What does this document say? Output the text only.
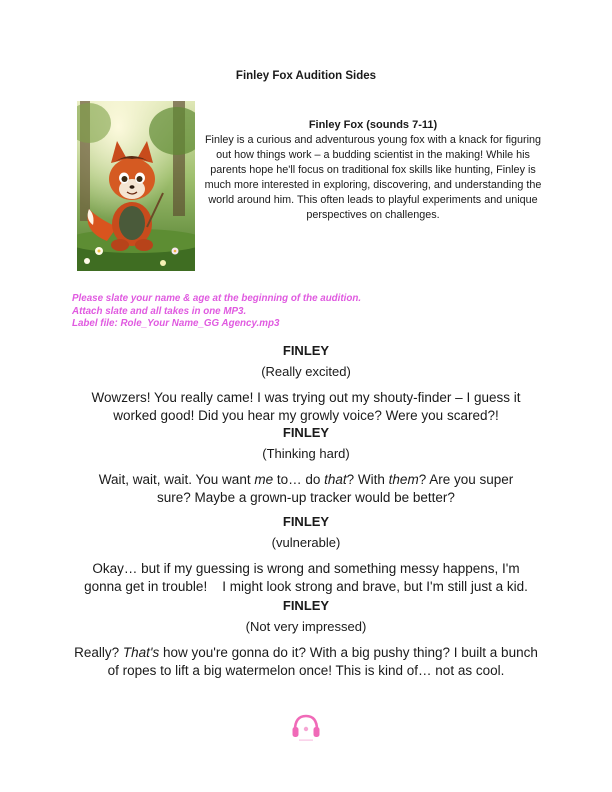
Finley Fox Audition Sides
Finley Fox (sounds 7-11)
Finley is a curious and adventurous young fox with a knack for figuring out how things work – a budding scientist in the making! While his parents hope he'll focus on traditional fox skills like hunting, Finley is much more interested in exploring, discovering, and understanding the world around him. This often leads to playful experiments and unique perspectives on challenges.
Please slate your name & age at the beginning of the audition.
Attach slate and all takes in one MP3.
Label file: Role_Your Name_GG Agency.mp3
FINLEY
(Really excited)
Wowzers! You really came! I was trying out my shouty-finder – I guess it worked good! Did you hear my growly voice? Were you scared?!
FINLEY
(Thinking hard)
Wait, wait, wait. You want me to… do that? With them? Are you super sure? Maybe a grown-up tracker would be better?
FINLEY
(vulnerable)
Okay… but if my guessing is wrong and something messy happens, I'm gonna get in trouble!    I might look strong and brave, but I'm still just a kid.
FINLEY
(Not very impressed)
Really? That's how you're gonna do it? With a big pushy thing? I built a bunch of ropes to lift a big watermelon once! This is kind of… not as cool.
